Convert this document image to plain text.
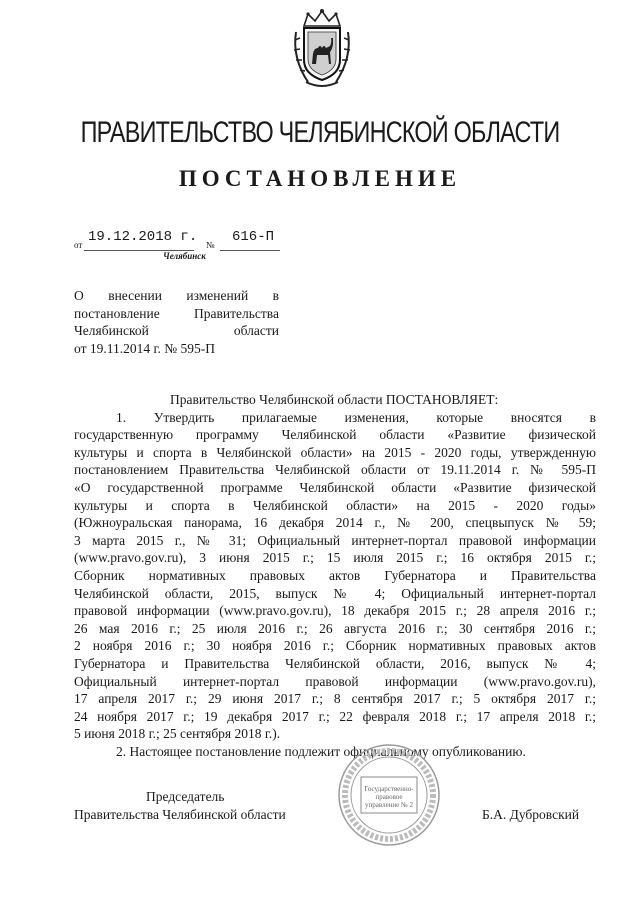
ПРАВИТЕЛЬСТВО ЧЕЛЯБИНСКОЙ ОБЛАСТИ
ПОСТАНОВЛЕНИЕ
от 19.12.2018 г. № 616-П
Челябинск
О внесении изменений в
постановление Правительства
Челябинской области
от 19.11.2014 г. № 595-П
Правительство Челябинской области ПОСТАНОВЛЯЕТ:
1. Утвердить прилагаемые изменения, которые вносятся в
государственную программу Челябинской области «Развитие физической
культуры и спорта в Челябинской области» на 2015 - 2020 годы, утвержденную
постановлением Правительства Челябинской области от 19.11.2014 г. № 595-П
«О государственной программе Челябинской области «Развитие физической
культуры и спорта в Челябинской области» на 2015 - 2020 годы»
(Южноуральская панорама, 16 декабря 2014 г., № 200, спецвыпуск № 59;
3 марта 2015 г., № 31; Официальный интернет-портал правовой информации
(www.pravo.gov.ru), 3 июня 2015 г.; 15 июля 2015 г.; 16 октября 2015 г.;
Сборник нормативных правовых актов Губернатора и Правительства
Челябинской области, 2015, выпуск № 4; Официальный интернет-портал
правовой информации (www.pravo.gov.ru), 18 декабря 2015 г.; 28 апреля 2016 г.;
26 мая 2016 г.; 25 июля 2016 г.; 26 августа 2016 г.; 30 сентября 2016 г.;
2 ноября 2016 г.; 30 ноября 2016 г.; Сборник нормативных правовых актов
Губернатора и Правительства Челябинской области, 2016, выпуск № 4;
Официальный интернет-портал правовой информации (www.pravo.gov.ru),
17 апреля 2017 г.; 29 июня 2017 г.; 8 сентября 2017 г.; 5 октября 2017 г.;
24 ноября 2017 г.; 19 декабря 2017 г.; 22 февраля 2018 г.; 17 апреля 2018 г.;
5 июня 2018 г.; 25 сентября 2018 г.).
2. Настоящее постановление подлежит официальному опубликованию.
Государственно-
правовое
управление № 2
Председатель
Правительства Челябинской области	Б.А. Дубровский
